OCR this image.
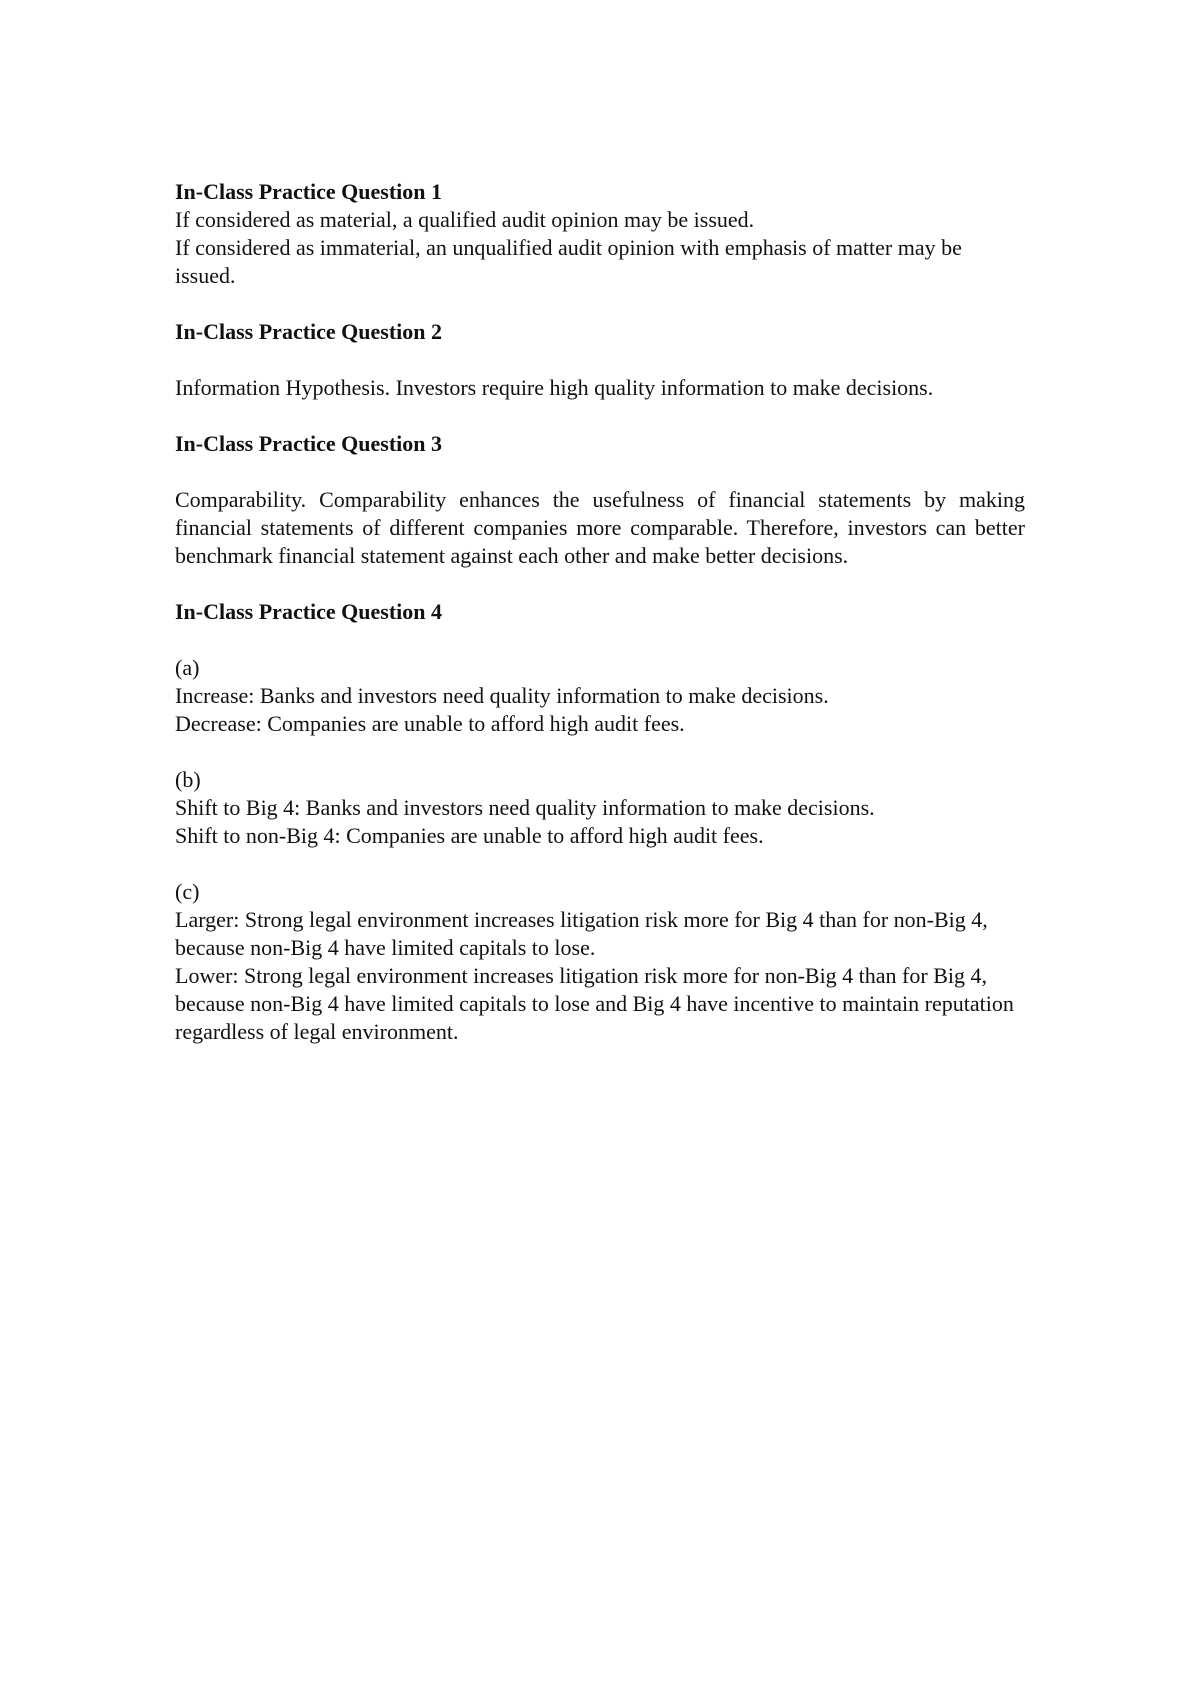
In-Class Practice Question 1

If considered as material, a qualified audit opinion may be issued.

If considered as immaterial, an unqualified audit opinion with emphasis of matter may be issued.

In-Class Practice Question 2

Information Hypothesis. Investors require high quality information to make decisions.

In-Class Practice Question 3

Comparability. Comparability enhances the usefulness of financial statements by making financial statements of different companies more comparable. Therefore, investors can better benchmark financial statement against each other and make better decisions.

In-Class Practice Question 4

(a)

Increase: Banks and investors need quality information to make decisions.

Decrease: Companies are unable to afford high audit fees.

(b)

Shift to Big 4: Banks and investors need quality information to make decisions.

Shift to non-Big 4: Companies are unable to afford high audit fees.

(c)

Larger: Strong legal environment increases litigation risk more for Big 4 than for non-Big 4, because non-Big 4 have limited capitals to lose.

Lower: Strong legal environment increases litigation risk more for non-Big 4 than for Big 4, because non-Big 4 have limited capitals to lose and Big 4 have incentive to maintain reputation regardless of legal environment.
